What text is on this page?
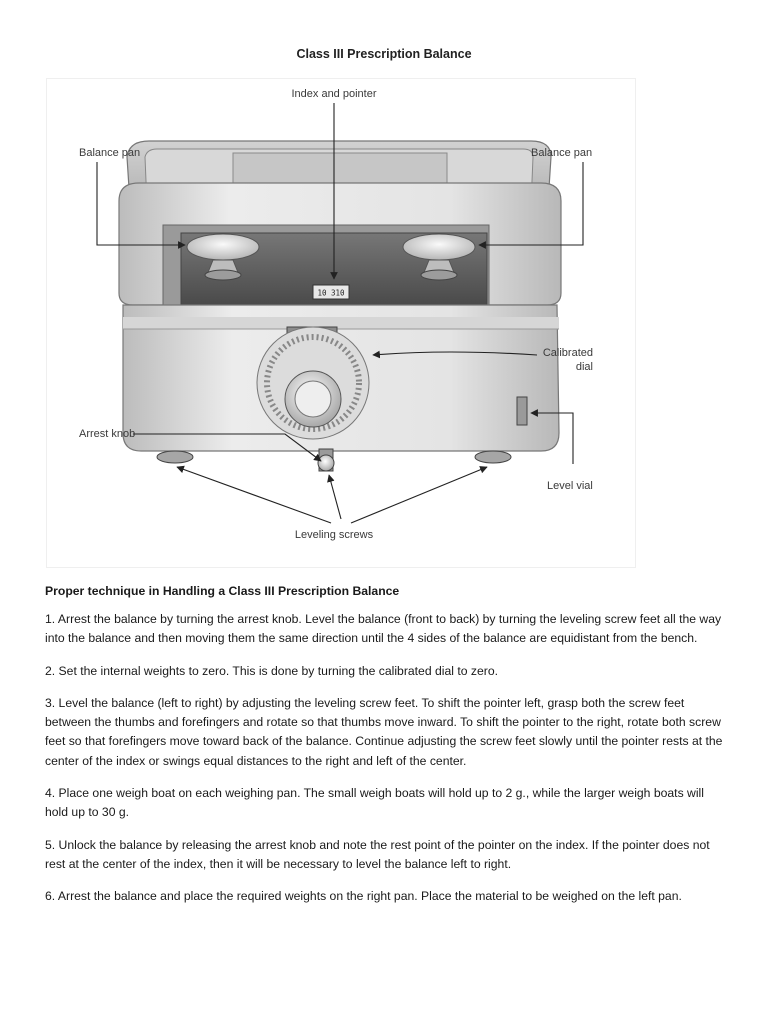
Class III Prescription Balance
10 310
Index and pointer
Balance pan	Balance pan
Calibrated
dial
Arrest knob
Level vial
Leveling screws
Proper technique in Handling a Class III Prescription Balance

1. Arrest the balance by turning the arrest knob. Level the balance (front to back) by turning the leveling screw feet all the way into the balance and then moving them the same direction until the 4 sides of the balance are equidistant from the bench.

2. Set the internal weights to zero. This is done by turning the calibrated dial to zero.

3. Level the balance (left to right) by adjusting the leveling screw feet. To shift the pointer left, grasp both the screw feet between the thumbs and forefingers and rotate so that thumbs move inward. To shift the pointer to the right, rotate both screw feet so that forefingers move toward back of the balance. Continue adjusting the screw feet slowly until the pointer rests at the center of the index or swings equal distances to the right and left of the center.

4. Place one weigh boat on each weighing pan. The small weigh boats will hold up to 2 g., while the larger weigh boats will hold up to 30 g.

5. Unlock the balance by releasing the arrest knob and note the rest point of the pointer on the index. If the pointer does not rest at the center of the index, then it will be necessary to level the balance left to right.

6. Arrest the balance and place the required weights on the right pan. Place the material to be weighed on the left pan.
